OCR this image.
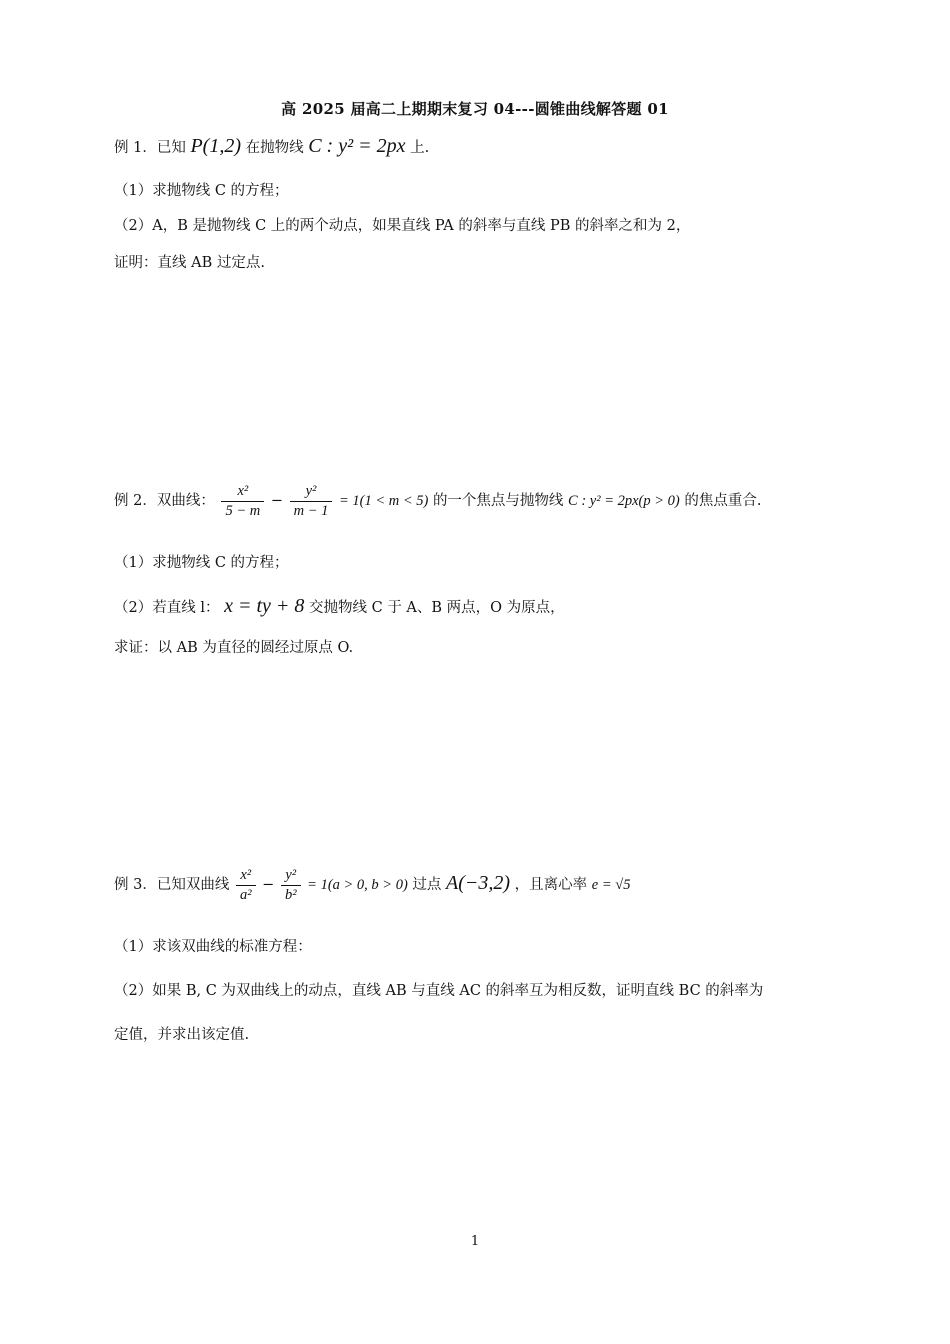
高 2025 届高二上期期末复习 04---圆锥曲线解答题 01
例 1．已知 P(1,2) 在抛物线 C : y² = 2px 上.
（1）求抛物线 C 的方程；
（2）A，B 是抛物线 C 上的两个动点，如果直线 PA 的斜率与直线 PB 的斜率之和为 2，
证明：直线 AB 过定点.
例 2．双曲线： $\frac{\text{x²}}{5 - m} - \frac{\text{y²}}{m - 1} = 1(1 < m < 5)$ 的一个焦点与抛物线 C : y² = 2px(p > 0) 的焦点重合.
（1）求抛物线 C 的方程；
（2）若直线 l： x = ty + 8 交抛物线 C 于 A、B 两点，O 为原点，
求证：以 AB 为直径的圆经过原点 O.
例 3．已知双曲线 $\frac{\text{x²}}{\text{a²}} - \frac{\text{y²}}{\text{b²}} = 1(a > 0$, b > 0) 过点 A(−3,2) ，且离心率 e = √5
（1）求该双曲线的标准方程：
（2）如果 B, C 为双曲线上的动点，直线 AB 与直线 AC 的斜率互为相反数，证明直线 BC 的斜率为
定值，并求出该定值.
1
